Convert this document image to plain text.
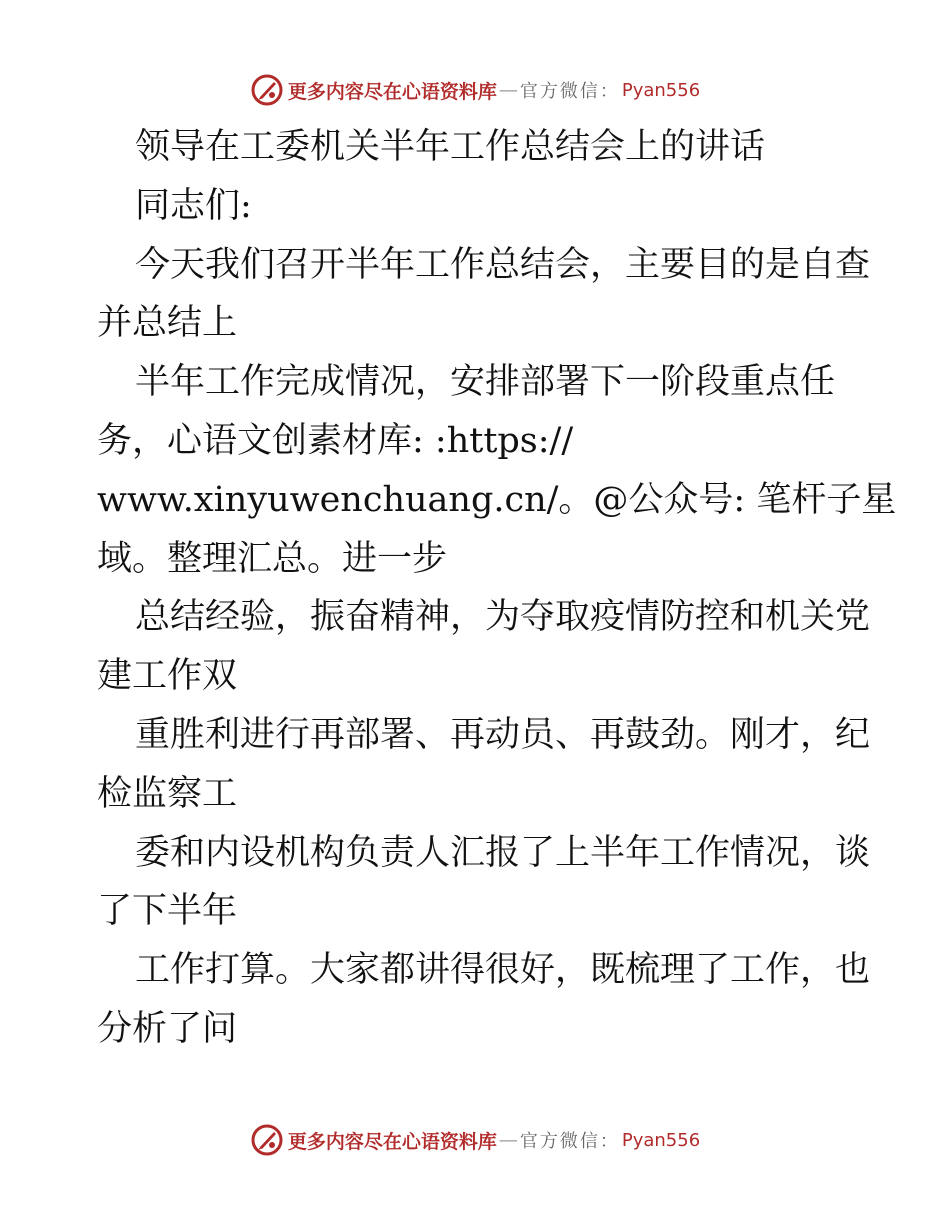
更多内容尽在心语资料库 — 官方微信： Pyan556
领导在工委机关半年工作总结会上的讲话
同志们:
今天我们召开半年工作总结会，主要目的是自查
并总结上
半年工作完成情况，安排部署下一阶段重点任
务，心语文创素材库: :https://
www.xinyuwenchuang.cn/。@公众号: 笔杆子星
域。整理汇总。进一步
总结经验，振奋精神，为夺取疫情防控和机关党
建工作双
重胜利进行再部署、再动员、再鼓劲。刚才，纪
检监察工
委和内设机构负责人汇报了上半年工作情况，谈
了下半年
工作打算。大家都讲得很好，既梳理了工作，也
分析了问
更多内容尽在心语资料库 — 官方微信： Pyan556
